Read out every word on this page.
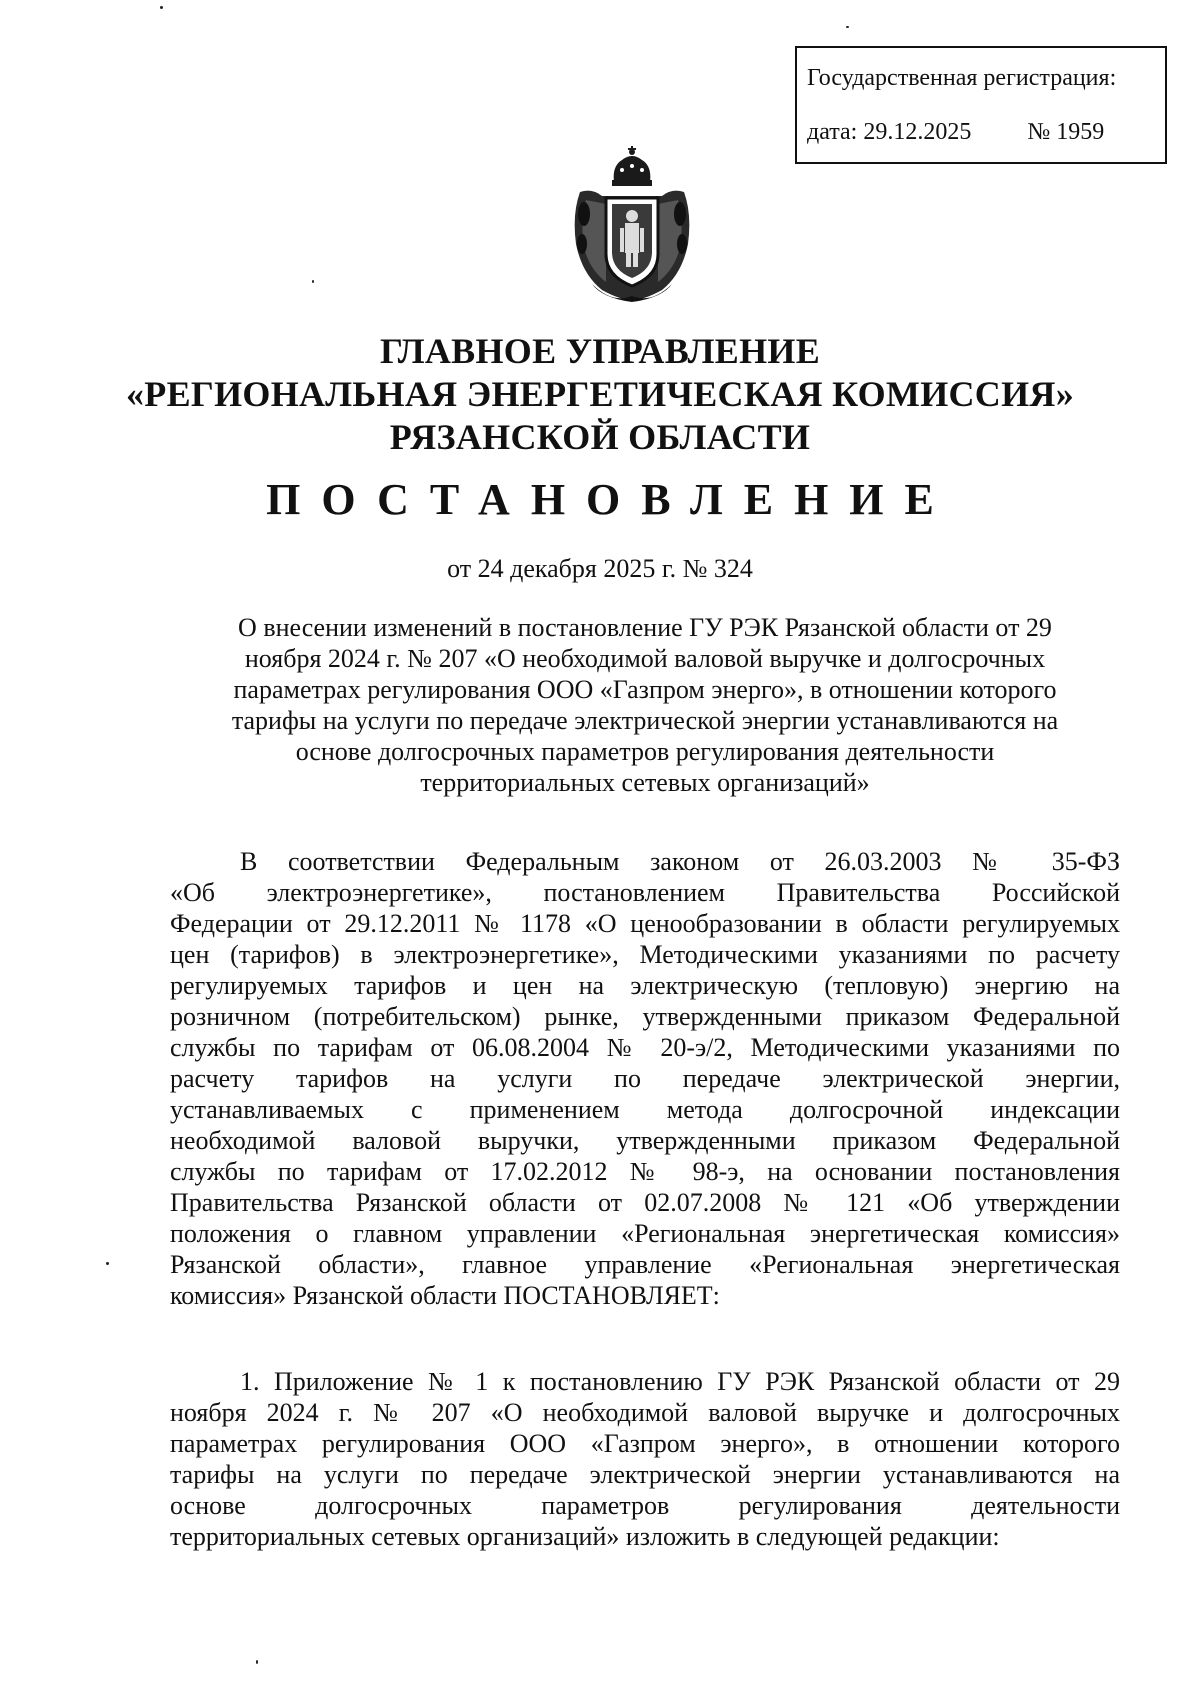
Государственная регистрация:
дата: 29.12.2025 № 1959
ГЛАВНОЕ УПРАВЛЕНИЕ
«РЕГИОНАЛЬНАЯ ЭНЕРГЕТИЧЕСКАЯ КОМИССИЯ»
РЯЗАНСКОЙ ОБЛАСТИ
ПОСТАНОВЛЕНИЕ
от 24 декабря 2025 г. № 324
О внесении изменений в постановление ГУ РЭК Рязанской области от 29
ноября 2024 г. № 207 «О необходимой валовой выручке и долгосрочных
параметрах регулирования ООО «Газпром энерго», в отношении которого
тарифы на услуги по передаче электрической энергии устанавливаются на
основе долгосрочных параметров регулирования деятельности
территориальных сетевых организаций»
В соответствии Федеральным законом от 26.03.2003 № 35-ФЗ
«Об электроэнергетике», постановлением Правительства Российской
Федерации от 29.12.2011 № 1178 «О ценообразовании в области регулируемых
цен (тарифов) в электроэнергетике», Методическими указаниями по расчету
регулируемых тарифов и цен на электрическую (тепловую) энергию на
розничном (потребительском) рынке, утвержденными приказом Федеральной
службы по тарифам от 06.08.2004 № 20-э/2, Методическими указаниями по
расчету тарифов на услуги по передаче электрической энергии,
устанавливаемых с применением метода долгосрочной индексации
необходимой валовой выручки, утвержденными приказом Федеральной
службы по тарифам от 17.02.2012 № 98-э, на основании постановления
Правительства Рязанской области от 02.07.2008 № 121 «Об утверждении
положения о главном управлении «Региональная энергетическая комиссия»
Рязанской области», главное управление «Региональная энергетическая
комиссия» Рязанской области ПОСТАНОВЛЯЕТ:
1. Приложение № 1 к постановлению ГУ РЭК Рязанской области от 29
ноября 2024 г. № 207 «О необходимой валовой выручке и долгосрочных
параметрах регулирования ООО «Газпром энерго», в отношении которого
тарифы на услуги по передаче электрической энергии устанавливаются на
основе долгосрочных параметров регулирования деятельности
территориальных сетевых организаций» изложить в следующей редакции:
